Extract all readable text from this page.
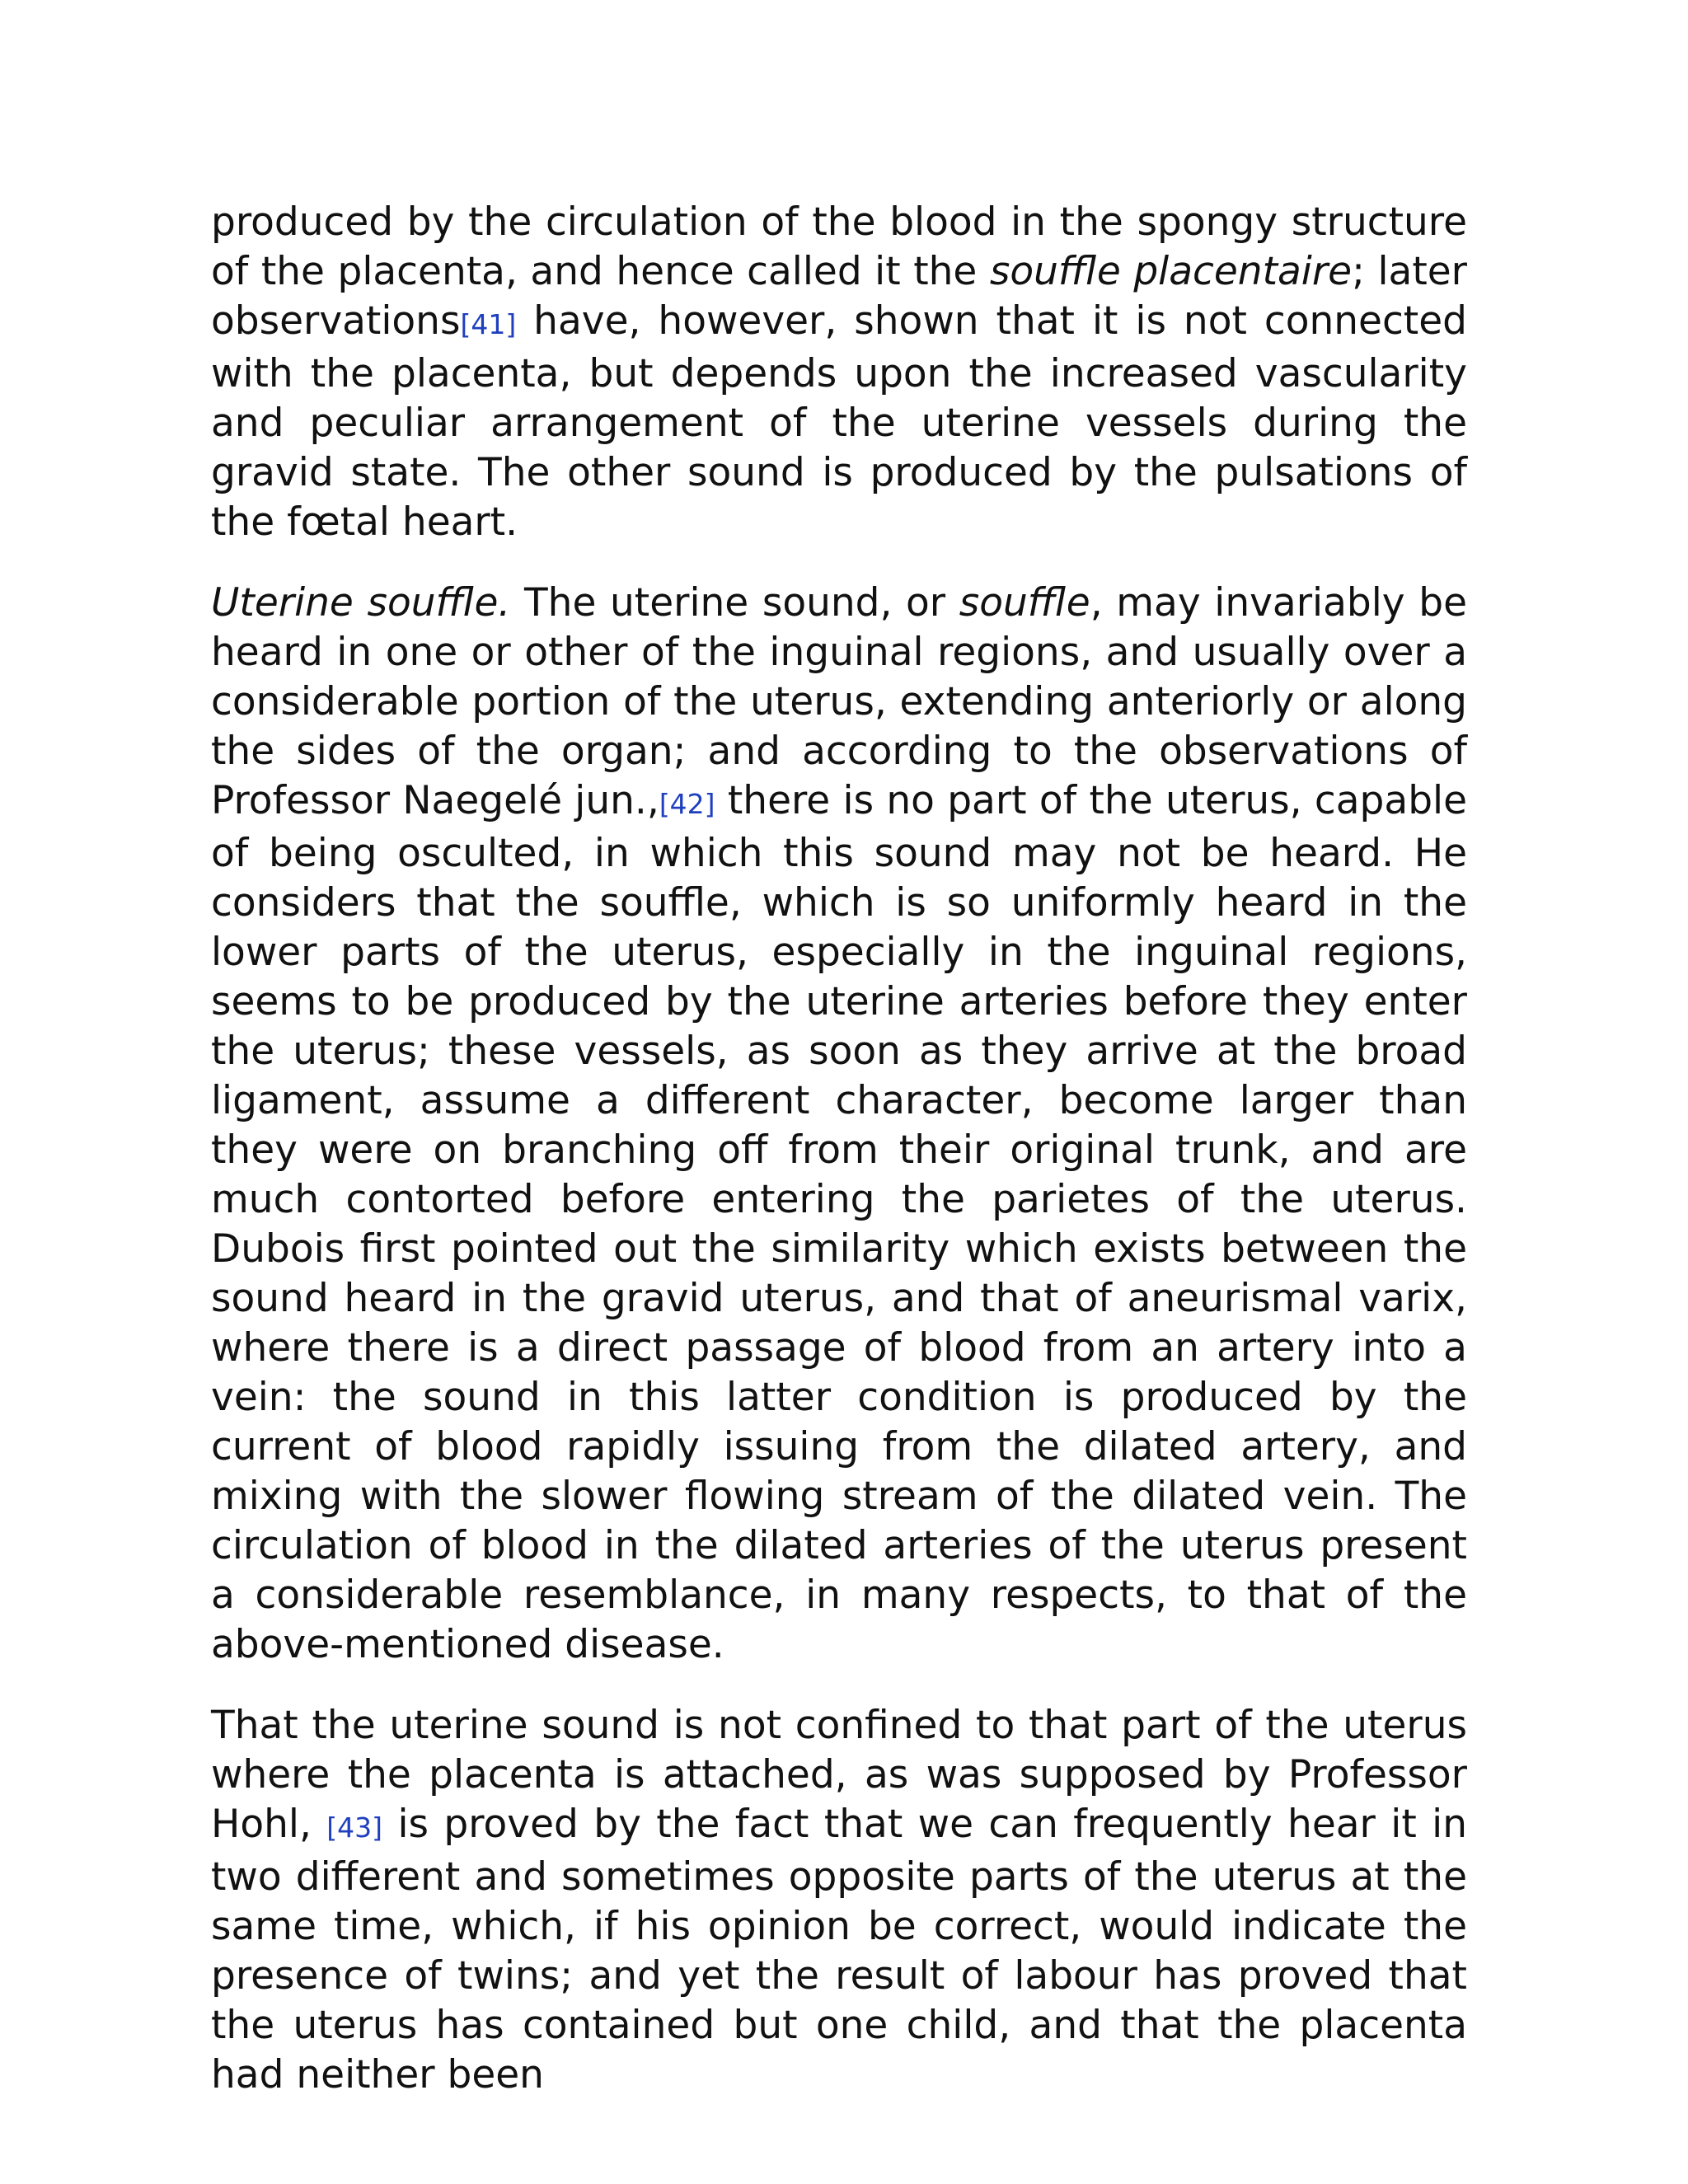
produced by the circulation of the blood in the spongy structure of the placenta, and hence called it the souffle placentaire; later observations[41] have, however, shown that it is not connected with the placenta, but depends upon the increased vascularity and peculiar arrangement of the uterine vessels during the gravid state. The other sound is produced by the pulsations of the fœtal heart.

Uterine souffle. The uterine sound, or souffle, may invariably be heard in one or other of the inguinal regions, and usually over a considerable portion of the uterus, extending anteriorly or along the sides of the organ; and according to the observations of Professor Naegelé jun.,[42] there is no part of the uterus, capable of being osculted, in which this sound may not be heard. He considers that the souffle, which is so uniformly heard in the lower parts of the uterus, especially in the inguinal regions, seems to be produced by the uterine arteries before they enter the uterus; these vessels, as soon as they arrive at the broad ligament, assume a different character, become larger than they were on branching off from their original trunk, and are much contorted before entering the parietes of the uterus. Dubois first pointed out the similarity which exists between the sound heard in the gravid uterus, and that of aneurismal varix, where there is a direct passage of blood from an artery into a vein: the sound in this latter condition is produced by the current of blood rapidly issuing from the dilated artery, and mixing with the slower flowing stream of the dilated vein. The circulation of blood in the dilated arteries of the uterus present a considerable resemblance, in many respects, to that of the above-mentioned disease.

That the uterine sound is not confined to that part of the uterus where the placenta is attached, as was supposed by Professor Hohl, [43] is proved by the fact that we can frequently hear it in two different and sometimes opposite parts of the uterus at the same time, which, if his opinion be correct, would indicate the presence of twins; and yet the result of labour has proved that the uterus has contained but one child, and that the placenta had neither been
